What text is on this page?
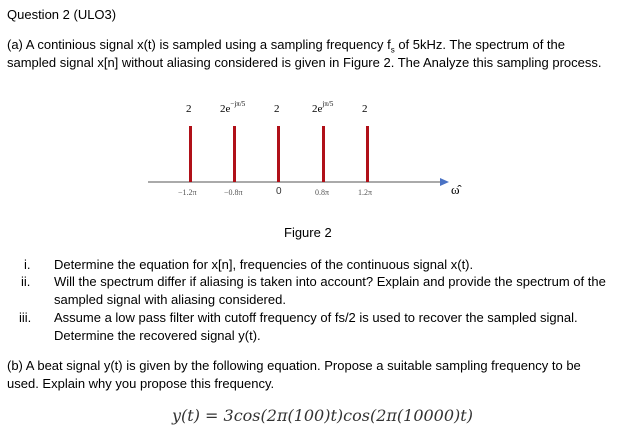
Question 2 (ULO3)
(a) A continious signal x(t) is sampled using a sampling frequency $f_s$ of 5kHz. The spectrum of the
sampled signal x[n] without aliasing considered is given in Figure 2. The Analyze this sampling process.
2	$2e^{-j\pi/5}$	2	$2e^{j\pi/5}$	2
−1.2π	−0.8π	0	0.8π	1.2π	ω̂
Figure 2
i. Determine the equation for x[n], frequencies of the continuous signal x(t).
ii. Will the spectrum differ if aliasing is taken into account? Explain and provide the spectrum of the sampled signal with aliasing considered.
iii. Assume a low pass filter with cutoff frequency of fs/2 is used to recover the sampled signal. Determine the recovered signal y(t).
(b) A beat signal y(t) is given by the following equation. Propose a suitable sampling frequency to be
used. Explain why you propose this frequency.
y(t) = 3cos(2π(100)t)cos(2π(10000)t)
